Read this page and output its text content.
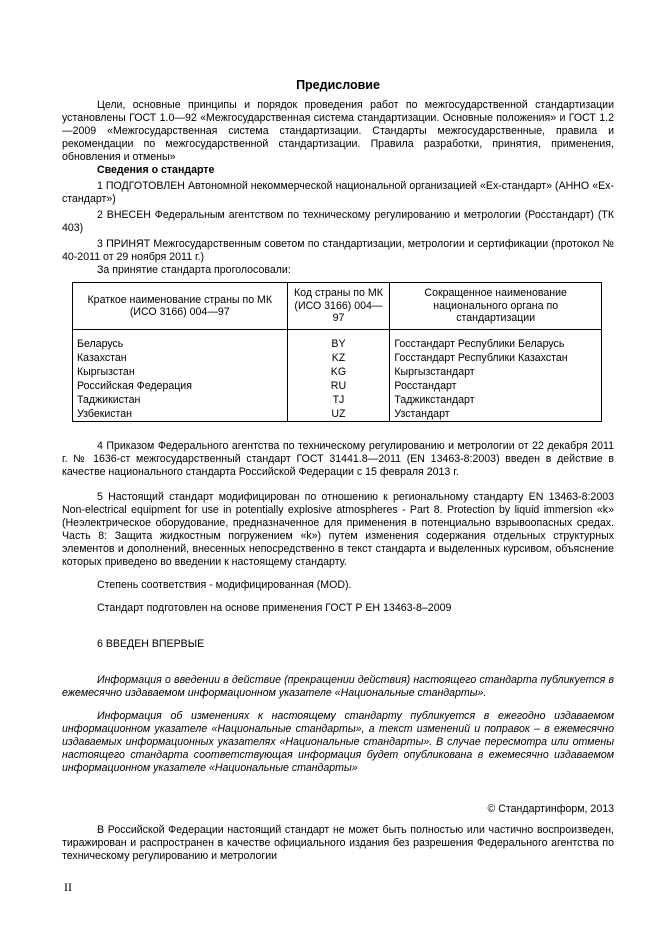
Предисловие

Цели, основные принципы и порядок проведения работ по межгосударственной стандартизации установлены ГОСТ 1.0—92 «Межгосударственная система стандартизации. Основные положения» и ГОСТ 1.2—2009 «Межгосударственная система стандартизации. Стандарты межгосударственные, правила и рекомендации по межгосударственной стандартизации. Правила разработки, принятия, применения, обновления и отмены»

Сведения о стандарте

1 ПОДГОТОВЛЕН Автономной некоммерческой национальной организацией «Ех-стандарт» (АННО «Ех-стандарт»)

2 ВНЕСЕН Федеральным агентством по техническому регулированию и метрологии (Росстандарт) (ТК 403)

3 ПРИНЯТ Межгосударственным советом по стандартизации, метрологии и сертификации (протокол № 40-2011 от 29 ноября 2011 г.)

За принятие стандарта проголосовали:

Краткое наименование страны по МК (ИСО 3166) 004—97	Код страны по МК (ИСО 3166) 004—97	Сокращенное наименование национального органа по стандартизации

Беларусь	BY	Госстандарт Республики Беларусь
Казахстан	KZ	Госстандарт Республики Казахстан
Кыргызстан	KG	Кыргызстандарт
Российская Федерация	RU	Росстандарт
Таджикистан	TJ	Таджикстандарт
Узбекистан	UZ	Узстандарт

4 Приказом Федерального агентства по техническому регулированию и метрологии от 22 декабря 2011 г. № 1636-ст межгосударственный стандарт ГОСТ 31441.8—2011 (EN 13463-8:2003) введен в действие в качестве национального стандарта Российской Федерации с 15 февраля 2013 г.

5 Настоящий стандарт модифицирован по отношению к региональному стандарту EN 13463-8:2003 Non-electrical equipment for use in potentially explosive atmospheres - Part 8. Protection by liquid immersion «k» (Неэлектрическое оборудование, предназначенное для применения в потенциально взрывоопасных средах. Часть 8: Защита жидкостным погружением «k») путем изменения содержания отдельных структурных элементов и дополнений, внесенных непосредственно в текст стандарта и выделенных курсивом, объяснение которых приведено во введении к настоящему стандарту.

Степень соответствия - модифицированная (MOD).

Стандарт подготовлен на основе применения ГОСТ Р ЕН 13463-8–2009

6 ВВЕДЕН ВПЕРВЫЕ

Информация о введении в действие (прекращении действия) настоящего стандарта публикуется в ежемесячно издаваемом информационном указателе «Национальные стандарты».

Информация об изменениях к настоящему стандарту публикуется в ежегодно издаваемом информационном указателе «Национальные стандарты», а текст изменений и поправок – в ежемесячно издаваемых информационных указателях «Национальные стандарты». В случае пересмотра или отмены настоящего стандарта соответствующая информация будет опубликована в ежемесячно издаваемом информационном указателе «Национальные стандарты»

© Стандартинформ, 2013

В Российской Федерации настоящий стандарт не может быть полностью или частично воспроизведен, тиражирован и распространен в качестве официального издания без разрешения Федерального агентства по техническому регулированию и метрологии

II
